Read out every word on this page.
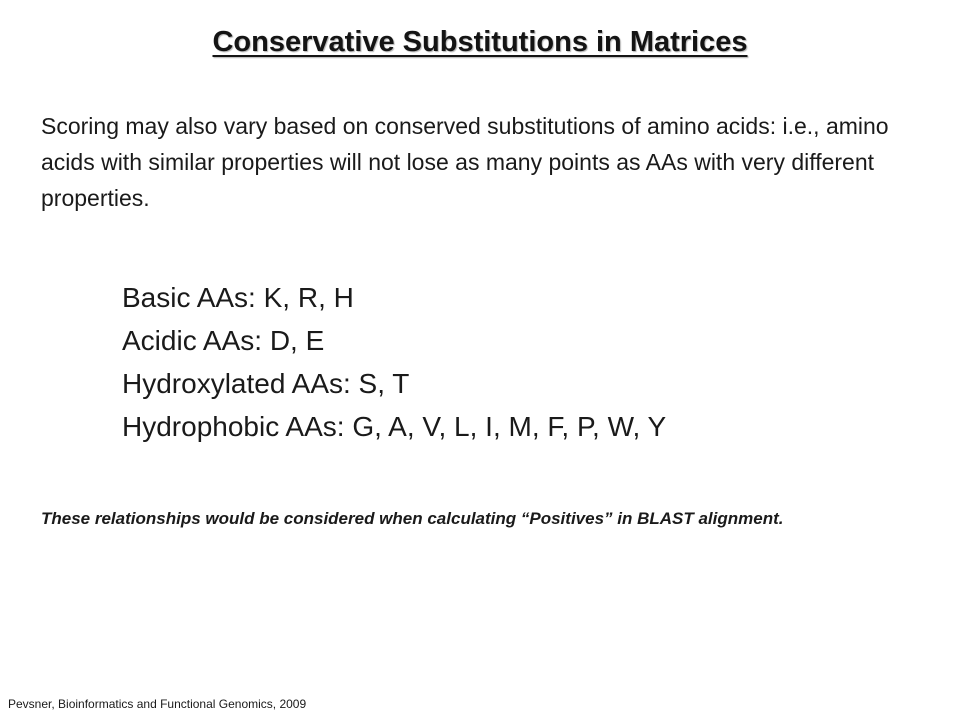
Conservative Substitutions in Matrices
Scoring may also vary based on conserved substitutions of amino acids: i.e., amino acids with similar properties will not lose as many points as AAs with very different properties.
Basic AAs: K, R, H
Acidic AAs: D, E
Hydroxylated AAs: S, T
Hydrophobic AAs: G, A, V, L, I, M, F, P, W, Y
These relationships would be considered when calculating “Positives” in BLAST alignment.
Pevsner, Bioinformatics and Functional Genomics, 2009
